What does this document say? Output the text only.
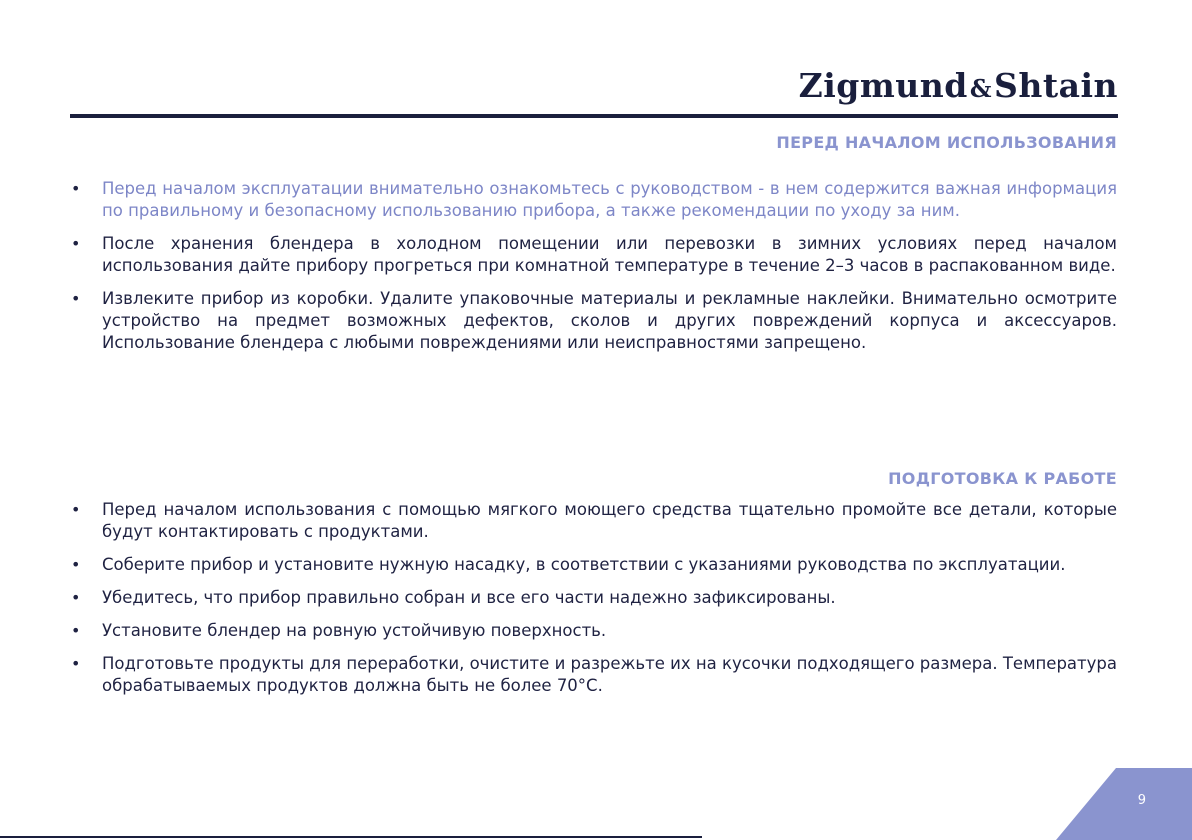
Zigmund&Shtain
ПЕРЕД НАЧАЛОМ ИСПОЛЬЗОВАНИЯ
• Перед началом эксплуатации внимательно ознакомьтесь с руководством - в нем содержится важная информация по правильному и безопасному использованию прибора, а также рекомендации по уходу за ним.
• После хранения блендера в холодном помещении или перевозки в зимних условиях перед началом использования дайте прибору прогреться при комнатной температуре в течение 2–3 часов в распакованном виде.
• Извлеките прибор из коробки. Удалите упаковочные материалы и рекламные наклейки. Внимательно осмотрите устройство на предмет возможных дефектов, сколов и других повреждений корпуса и аксессуаров. Использование блендера с любыми повреждениями или неисправностями запрещено.
ПОДГОТОВКА К РАБОТЕ
• Перед началом использования с помощью мягкого моющего средства тщательно промойте все детали, которые будут контактировать с продуктами.
• Соберите прибор и установите нужную насадку, в соответствии с указаниями руководства по эксплуатации.
• Убедитесь, что прибор правильно собран и все его части надежно зафиксированы.
• Установите блендер на ровную устойчивую поверхность.
• Подготовьте продукты для переработки, очистите и разрежьте их на кусочки подходящего размера. Температура обрабатываемых продуктов должна быть не более 70°C.
9
